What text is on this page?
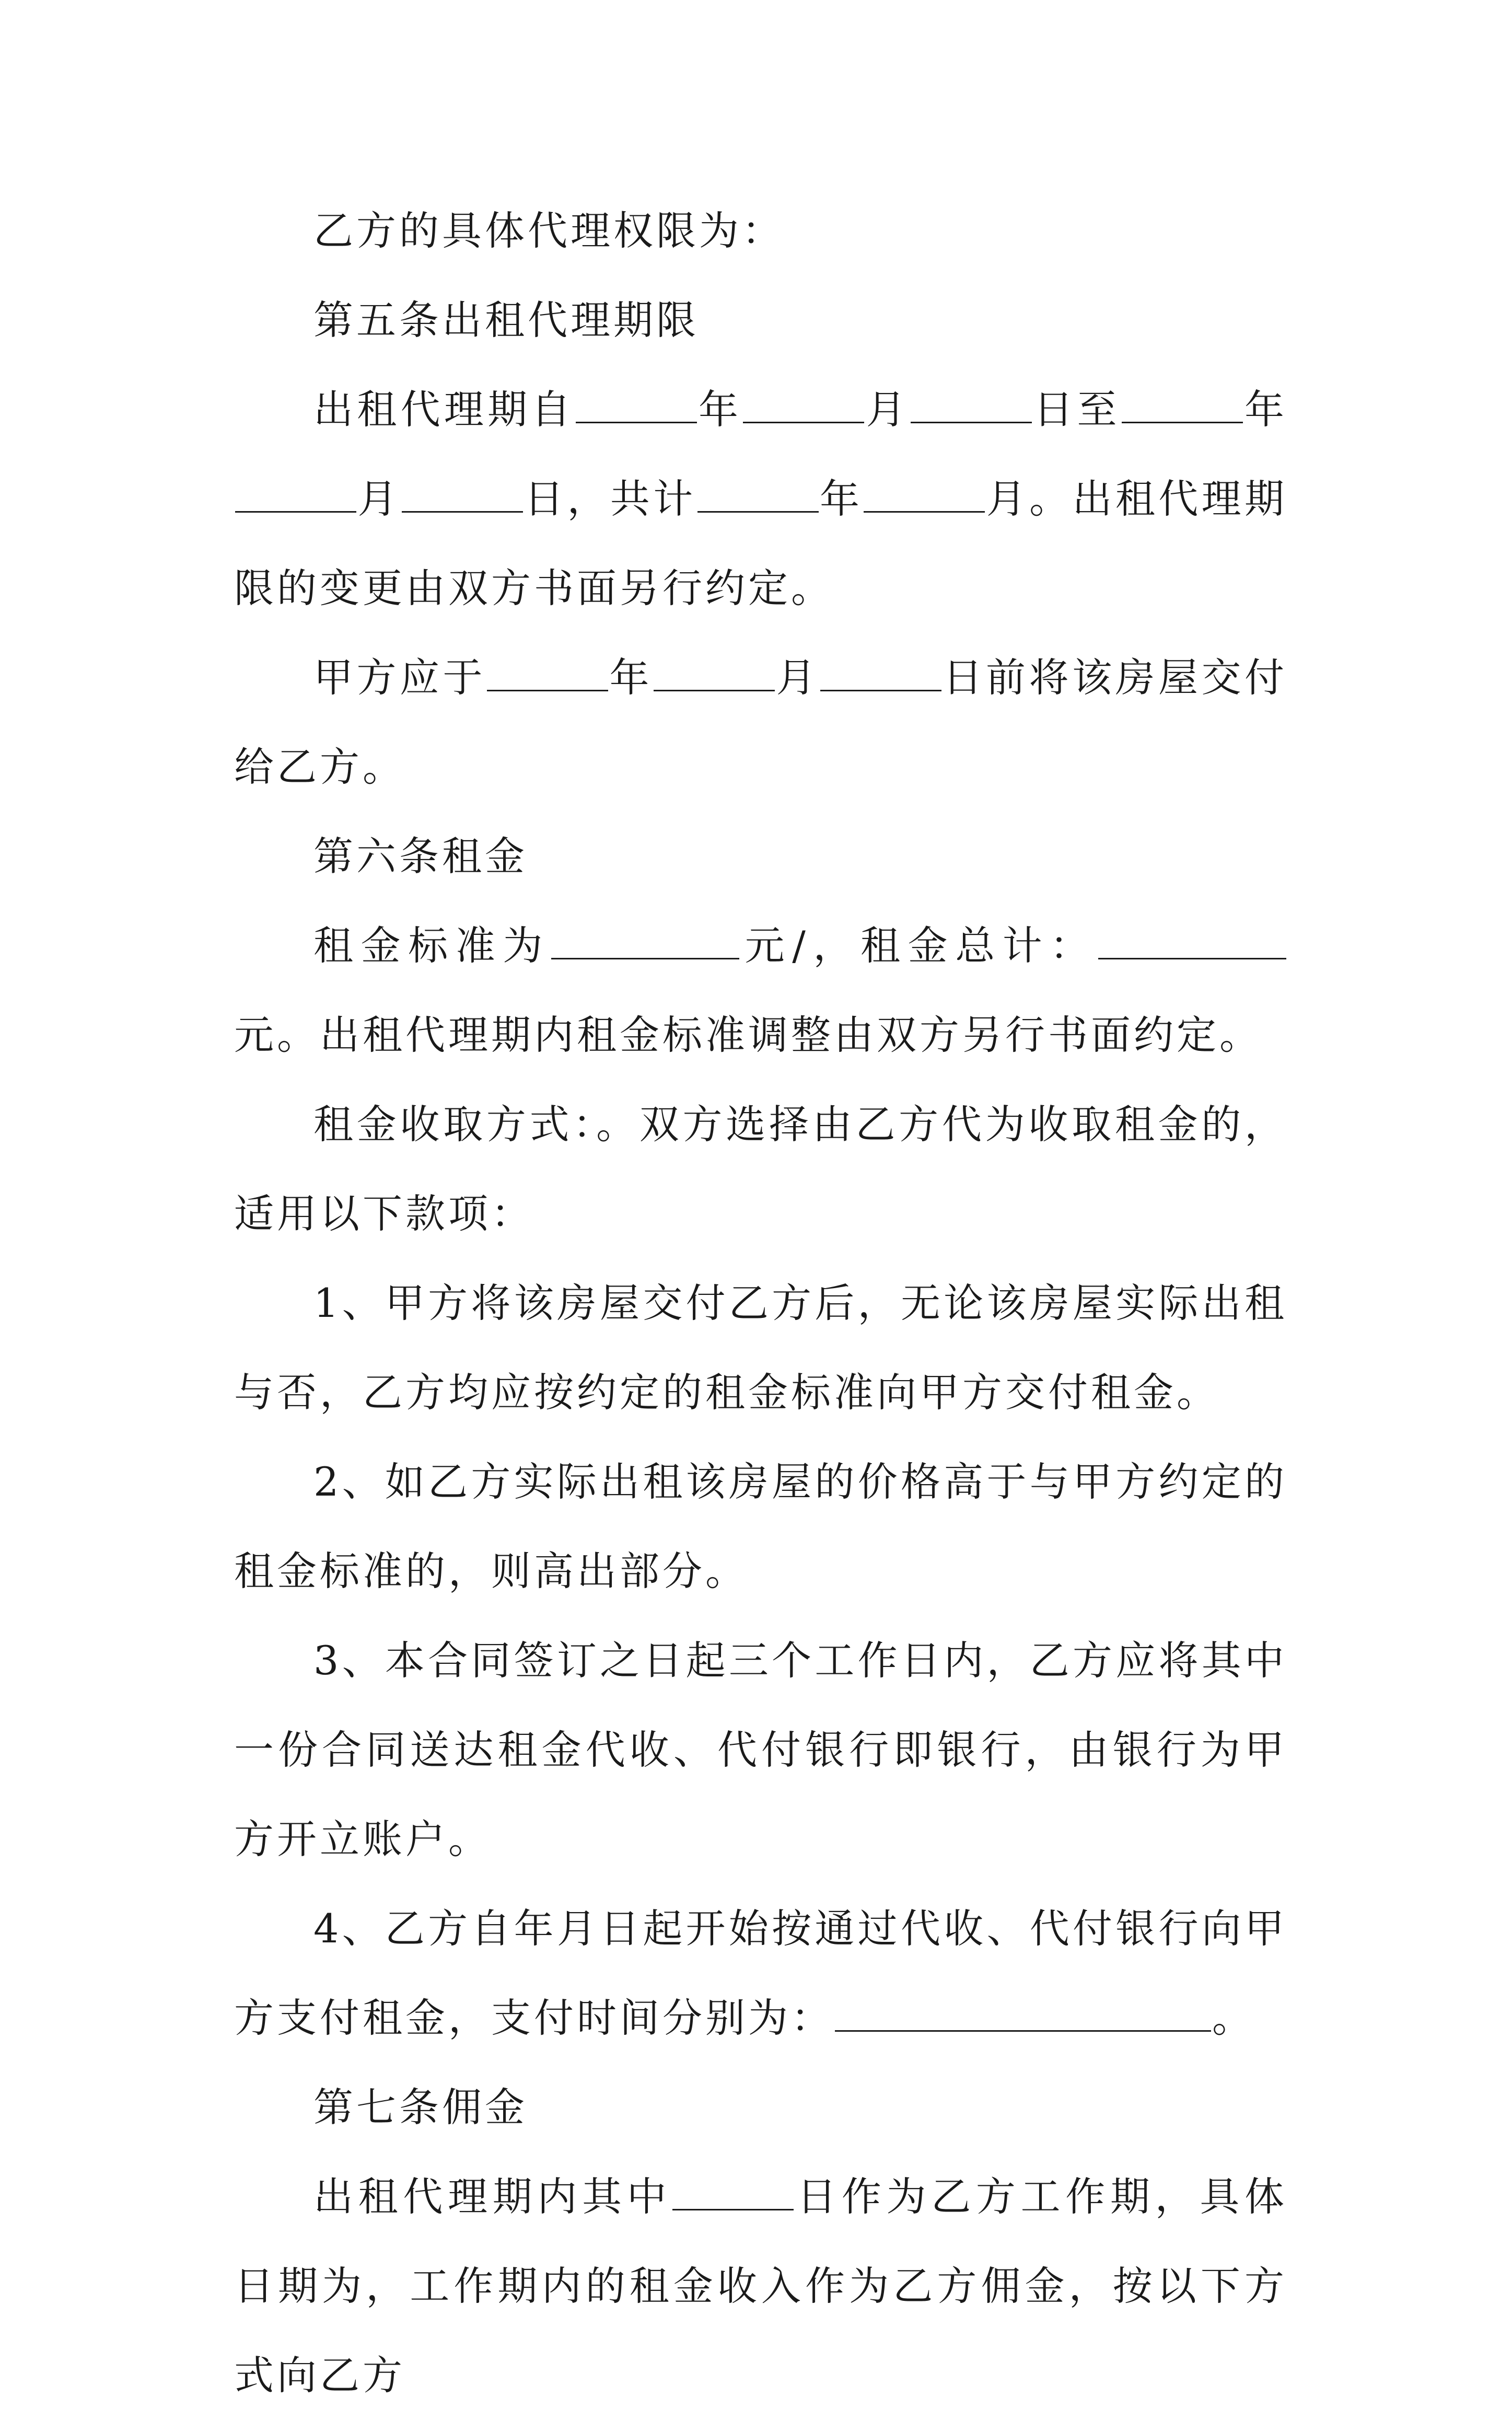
乙方的具体代理权限为：

第五条出租代理期限

出租代理期自	年	月	日至	年月	日，共计	年	月。出租代理期限的变更由双方书面另行约定。

甲方应于	年	月	日前将该房屋交付给乙方。

第六条租金

租金标准为	元/，租金总计：元。出租代理期内租金标准调整由双方另行书面约定。

租金收取方式：。双方选择由乙方代为收取租金的，适用以下款项：

1、甲方将该房屋交付乙方后，无论该房屋实际出租与否，乙方均应按约定的租金标准向甲方交付租金。

2、如乙方实际出租该房屋的价格高于与甲方约定的租金标准的，则高出部分。

3、本合同签订之日起三个工作日内，乙方应将其中一份合同送达租金代收、代付银行即银行，由银行为甲方开立账户。

4、乙方自年月日起开始按通过代收、代付银行向甲方支付租金，支付时间分别为：	。

第七条佣金

出租代理期内其中	日作为乙方工作期，具体日期为，工作期内的租金收入作为乙方佣金，按以下方式向乙方
